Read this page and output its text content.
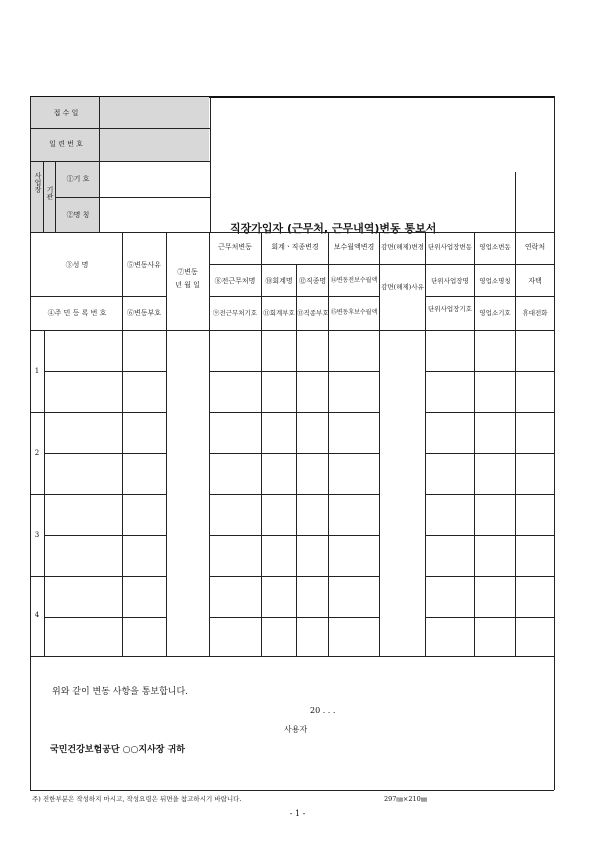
접 수 일
일 련 번 호
사업장 기관
①기 호
②명 칭
직장가입자 (근무처, 근무내역)변동 통보서
③성 명
④주 민 등 록 번 호
⑤변동사유
⑥변동부호
⑦변동
년 월 일
근무처변동
⑧전근무처명
⑨전근무처기호
회계ㆍ직종변경
⑩회계명
⑪회계부호
⑫직종명
⑬직종부호
보수월액변경
⑭변동전보수월액
⑮변동후보수월액
감면(해제)변경
감면(해제)사유
단위사업장변동
단위사업장명
단위사업장기호
영업소변동
영업소명칭
영업소기호
연락처
자택
휴대전화
1
2
3
4
위와 같이 변동 사항을 통보합니다.
20 . . .
사용자
국민건강보험공단 ○○지사장 귀하
주) 진한부분은 작성하지 마시고, 작성요령은 뒤면을 참고하시기 바랍니다.	297㎜×210㎜
- 1 -
